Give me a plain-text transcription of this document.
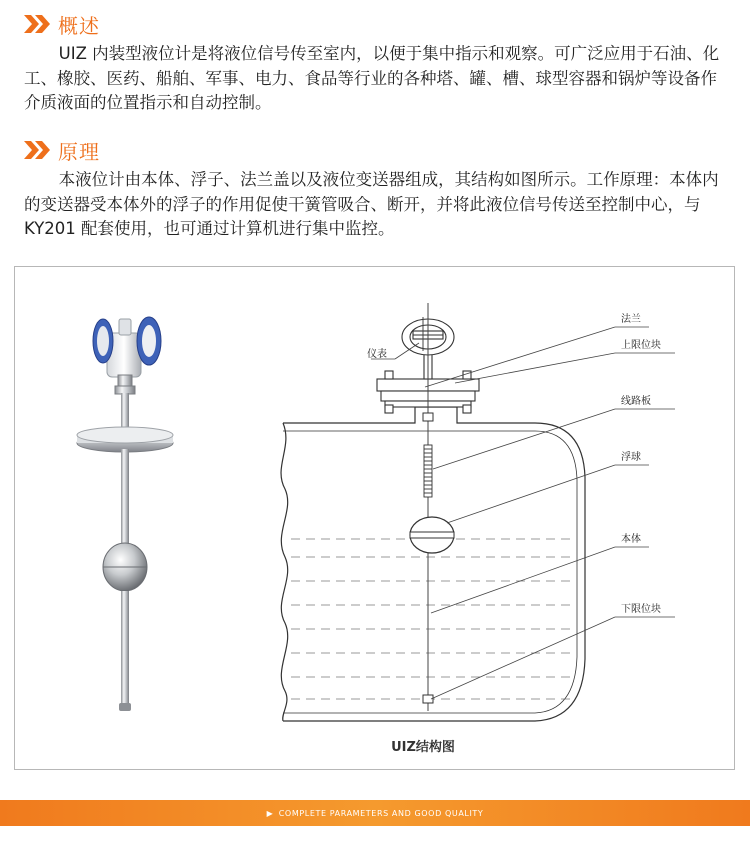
概述

UIZ 内装型液位计是将液位信号传至室内，以便于集中指示和观察。可广泛应用于石油、化工、橡胶、医药、船舶、军事、电力、食品等行业的各种塔、罐、槽、球型容器和锅炉等设备作介质液面的位置指示和自动控制。

原理

本液位计由本体、浮子、法兰盖以及液位变送器组成，其结构如图所示。工作原理：本体内的变送器受本体外的浮子的作用促使干簧管吸合、断开，并将此液位信号传送至控制中心，与 KY201 配套使用，也可通过计算机进行集中监控。

仪表
法兰
上限位块
线路板
浮球
本体
下限位块
UIZ结构图
▶ COMPLETE PARAMETERS AND GOOD QUALITY
